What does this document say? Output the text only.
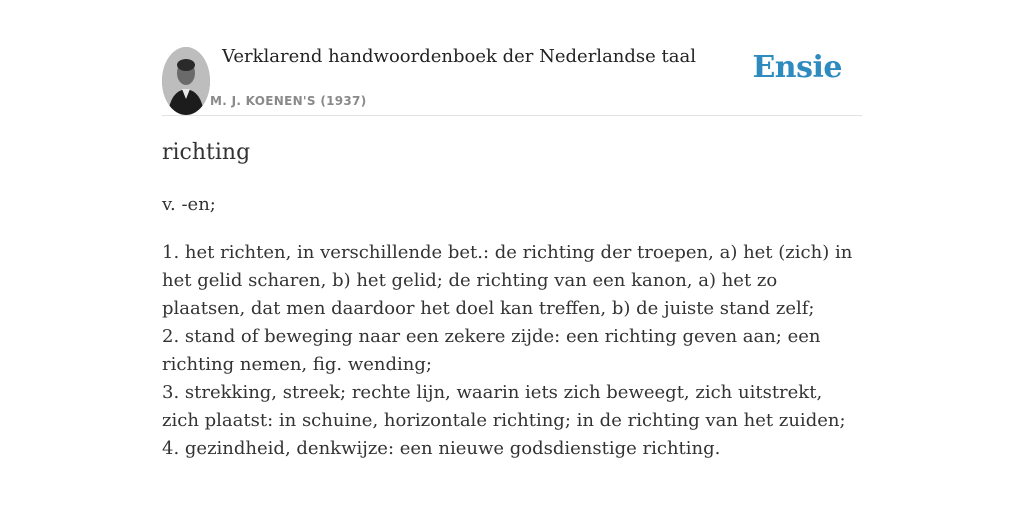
Verklarend handwoordenboek der Nederlandse taal
M. J. KOENEN'S (1937)
Ensie
richting
v. -en;
1. het richten, in verschillende bet.: de richting der troepen, a) het (zich) in het gelid scharen, b) het gelid; de richting van een kanon, a) het zo plaatsen, dat men daardoor het doel kan treffen, b) de juiste stand zelf;
2. stand of beweging naar een zekere zijde: een richting geven aan; een richting nemen, fig. wending;
3. strekking, streek; rechte lijn, waarin iets zich beweegt, zich uitstrekt, zich plaatst: in schuine, horizontale richting; in de richting van het zuiden;
4. gezindheid, denkwijze: een nieuwe godsdienstige richting.
